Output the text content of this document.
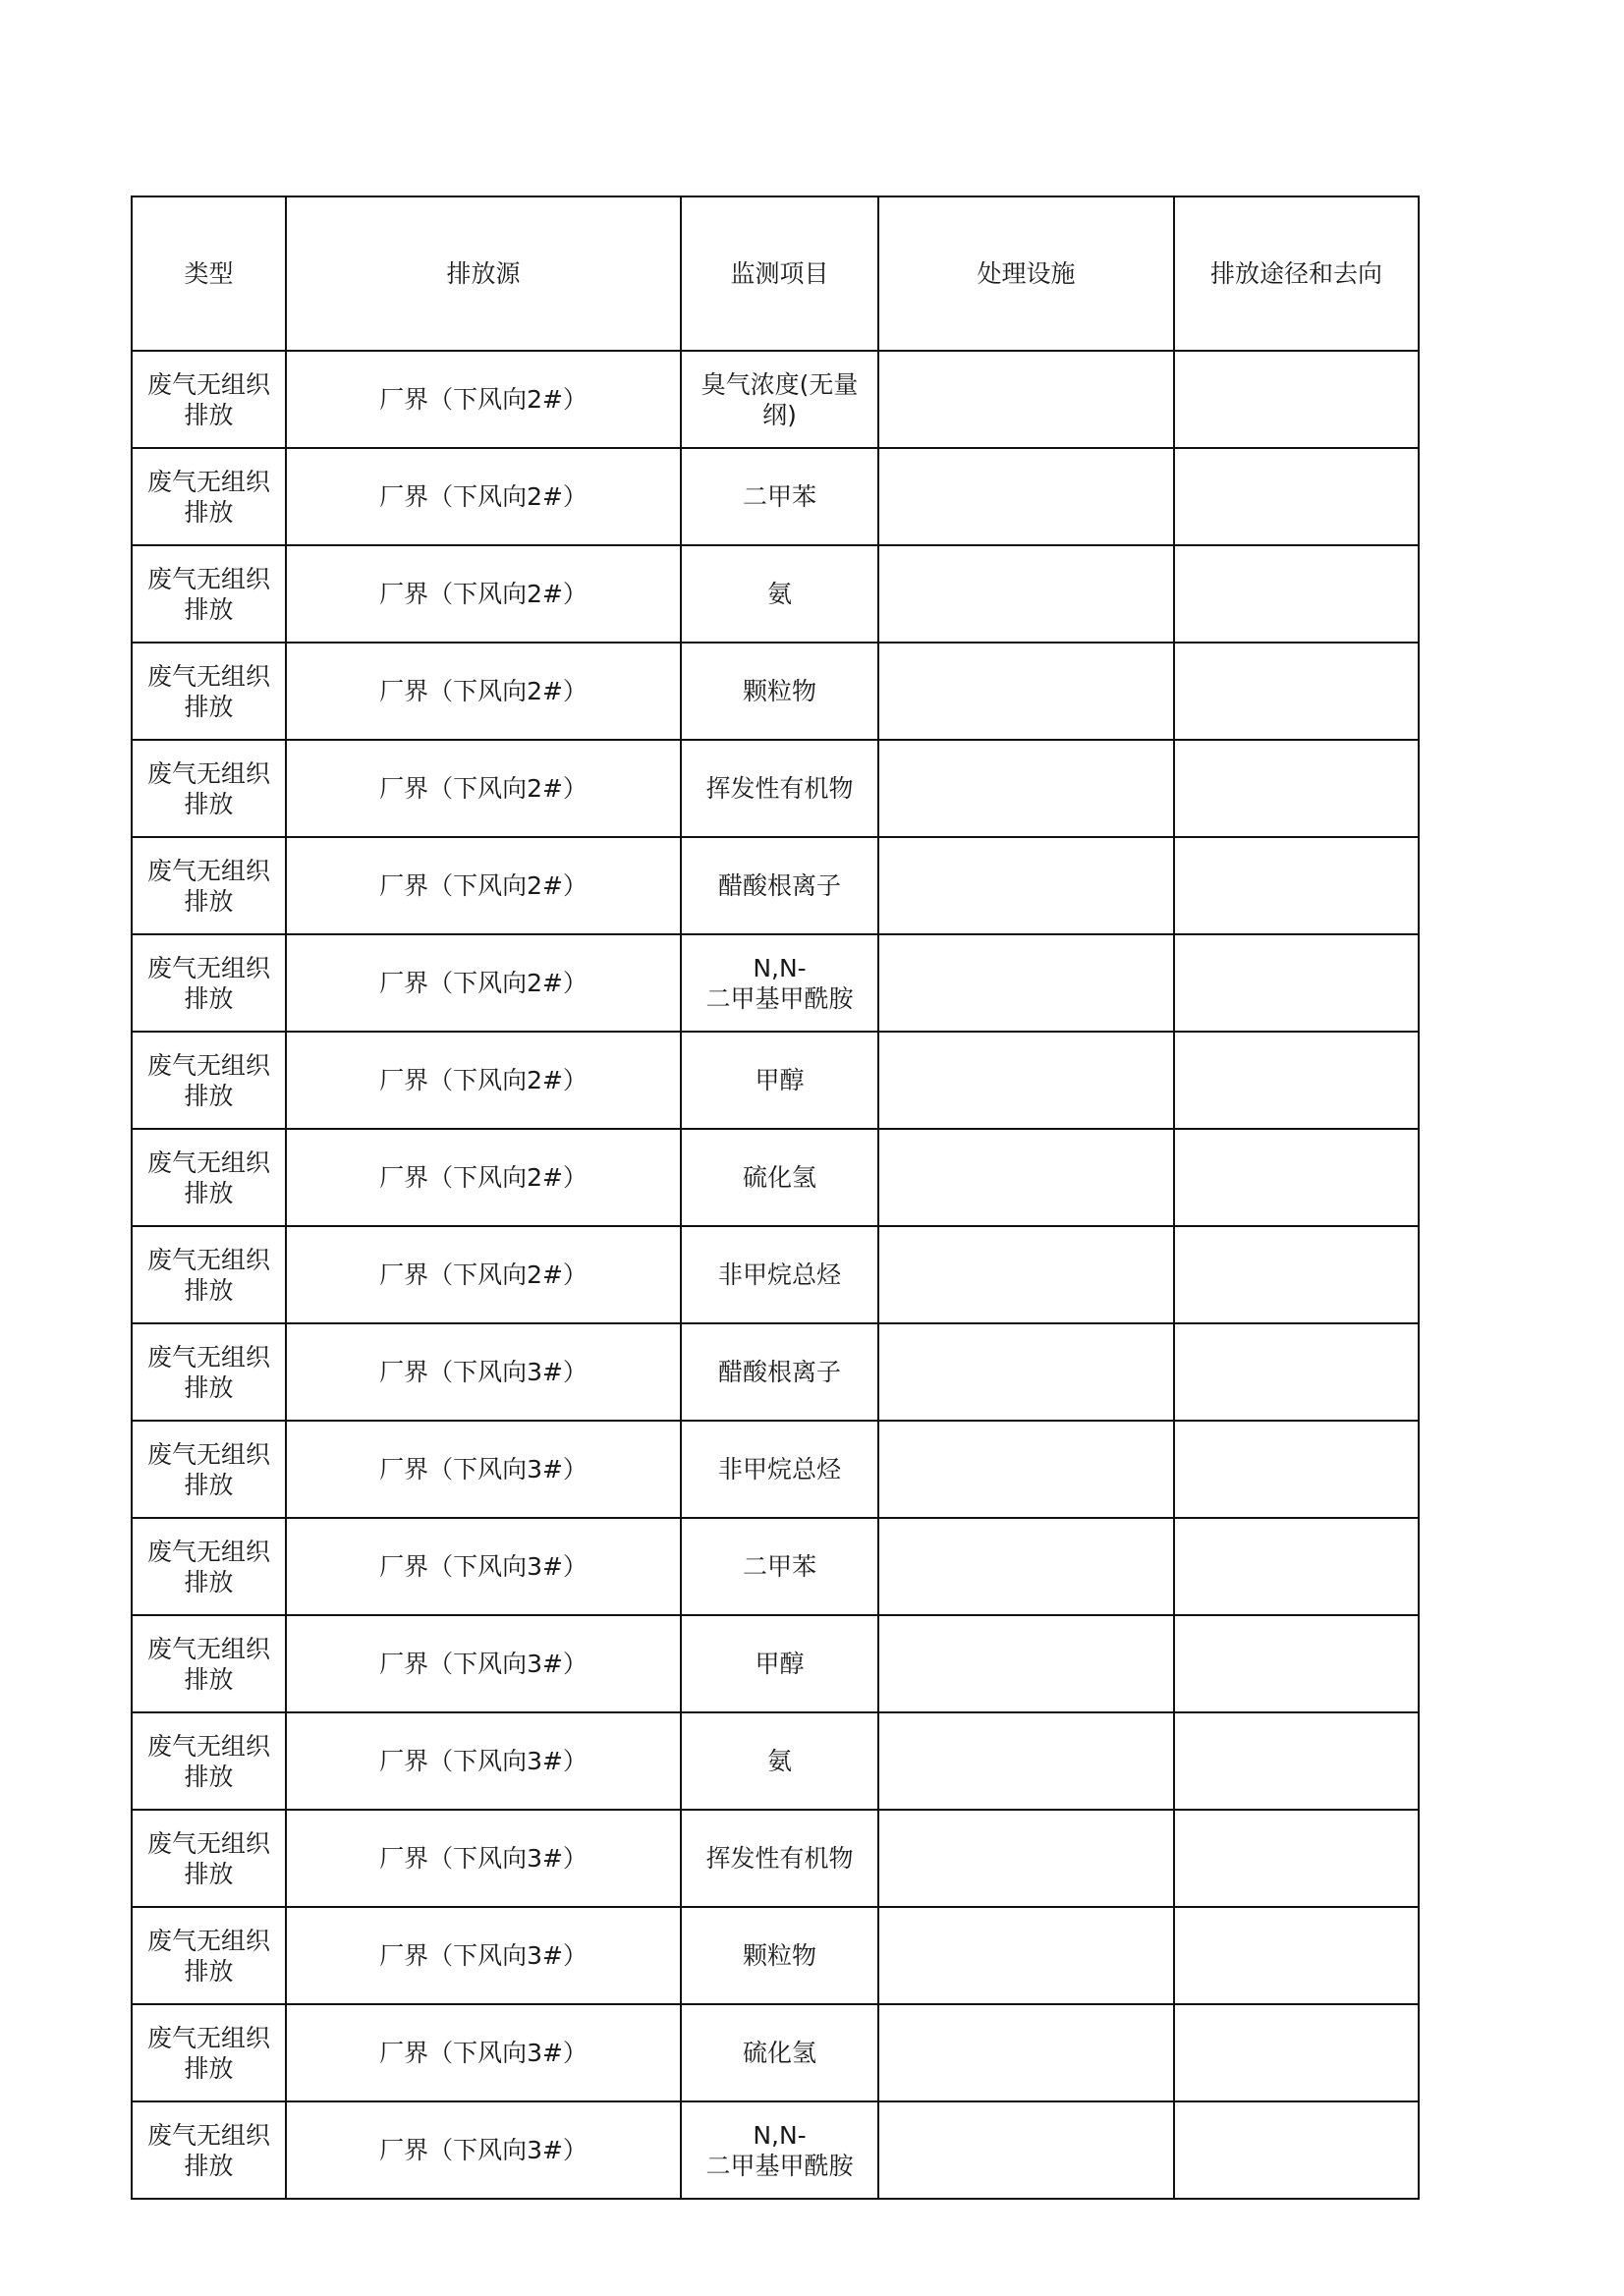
类型	排放源	监测项目	处理设施	排放途径和去向

废气无组织
排放	厂界（下风向2#）	臭气浓度(无量
纲)		

废气无组织
排放	厂界（下风向2#）	二甲苯		

废气无组织
排放	厂界（下风向2#）	氨		

废气无组织
排放	厂界（下风向2#）	颗粒物		

废气无组织
排放	厂界（下风向2#）	挥发性有机物		

废气无组织
排放	厂界（下风向2#）	醋酸根离子		

废气无组织
排放	厂界（下风向2#）	N,N-
二甲基甲酰胺		

废气无组织
排放	厂界（下风向2#）	甲醇		

废气无组织
排放	厂界（下风向2#）	硫化氢		

废气无组织
排放	厂界（下风向2#）	非甲烷总烃		

废气无组织
排放	厂界（下风向3#）	醋酸根离子		

废气无组织
排放	厂界（下风向3#）	非甲烷总烃		

废气无组织
排放	厂界（下风向3#）	二甲苯		

废气无组织
排放	厂界（下风向3#）	甲醇		

废气无组织
排放	厂界（下风向3#）	氨		

废气无组织
排放	厂界（下风向3#）	挥发性有机物		

废气无组织
排放	厂界（下风向3#）	颗粒物		

废气无组织
排放	厂界（下风向3#）	硫化氢		

废气无组织
排放	厂界（下风向3#）	N,N-
二甲基甲酰胺		
